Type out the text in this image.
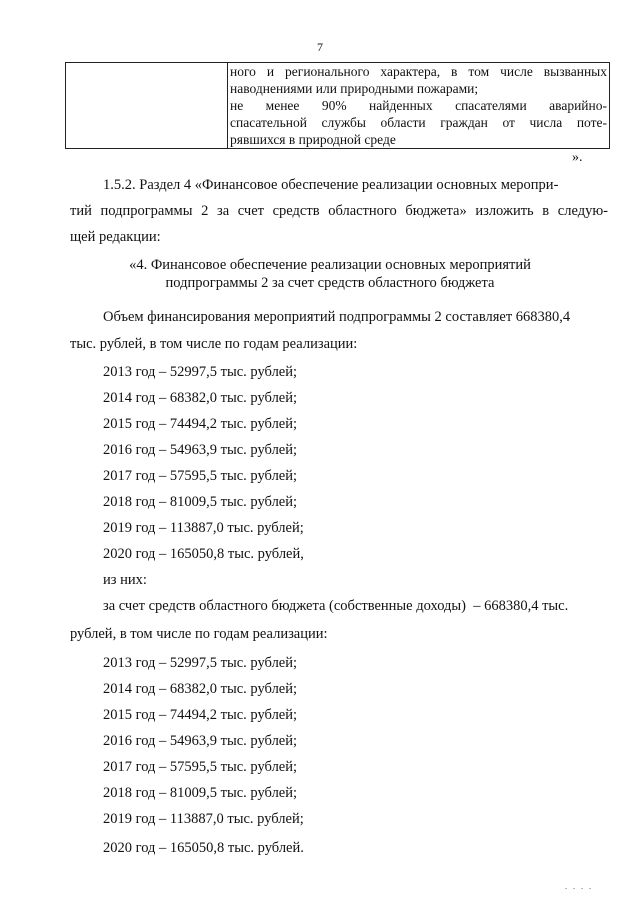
7

ного и регионального характера, в том числе вызванных
наводнениями или природными пожарами;
не менее 90% найденных спасателями аварийно-
спасательной службы области граждан от числа поте-
рявшихся в природной среде
».
1.5.2. Раздел 4 «Финансовое обеспечение реализации основных меропри-
тий подпрограммы 2 за счет средств областного бюджета» изложить в следую-
щей редакции:
«4. Финансовое обеспечение реализации основных мероприятий
подпрограммы 2 за счет средств областного бюджета
Объем финансирования мероприятий подпрограммы 2 составляет 668380,4
тыс. рублей, в том числе по годам реализации:
2013 год – 52997,5 тыс. рублей;
2014 год – 68382,0 тыс. рублей;
2015 год – 74494,2 тыс. рублей;
2016 год – 54963,9 тыс. рублей;
2017 год – 57595,5 тыс. рублей;
2018 год – 81009,5 тыс. рублей;
2019 год – 113887,0 тыс. рублей;
2020 год – 165050,8 тыс. рублей,
из них:
за счет средств областного бюджета (собственные доходы)  – 668380,4 тыс.
рублей, в том числе по годам реализации:
2013 год – 52997,5 тыс. рублей;
2014 год – 68382,0 тыс. рублей;
2015 год – 74494,2 тыс. рублей;
2016 год – 54963,9 тыс. рублей;
2017 год – 57595,5 тыс. рублей;
2018 год – 81009,5 тыс. рублей;
2019 год – 113887,0 тыс. рублей;
2020 год – 165050,8 тыс. рублей.
. . . .
